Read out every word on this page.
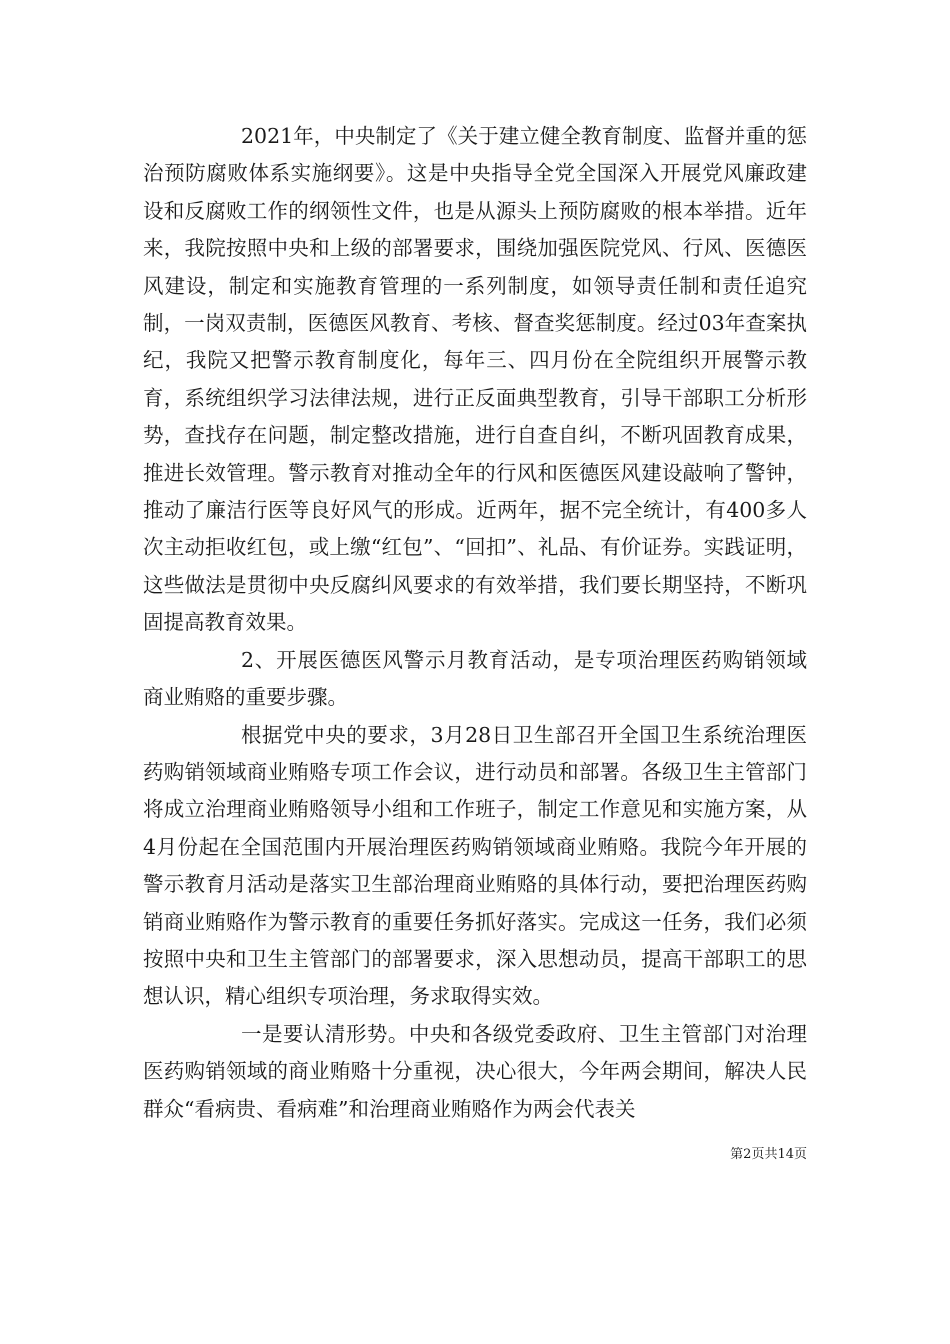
2021年，中央制定了《关于建立健全教育制度、监督并重的惩治预防腐败体系实施纲要》。这是中央指导全党全国深入开展党风廉政建设和反腐败工作的纲领性文件，也是从源头上预防腐败的根本举措。近年来，我院按照中央和上级的部署要求，围绕加强医院党风、行风、医德医风建设，制定和实施教育管理的一系列制度，如领导责任制和责任追究制，一岗双责制，医德医风教育、考核、督查奖惩制度。经过03年查案执纪，我院又把警示教育制度化，每年三、四月份在全院组织开展警示教育，系统组织学习法律法规，进行正反面典型教育，引导干部职工分析形势，查找存在问题，制定整改措施，进行自查自纠，不断巩固教育成果，推进长效管理。警示教育对推动全年的行风和医德医风建设敲响了警钟，推动了廉洁行医等良好风气的形成。近两年，据不完全统计，有400多人次主动拒收红包，或上缴“红包”、“回扣”、礼品、有价证券。实践证明，这些做法是贯彻中央反腐纠风要求的有效举措，我们要长期坚持，不断巩固提高教育效果。

2、开展医德医风警示月教育活动，是专项治理医药购销领域商业贿赂的重要步骤。

根据党中央的要求，3月28日卫生部召开全国卫生系统治理医药购销领域商业贿赂专项工作会议，进行动员和部署。各级卫生主管部门将成立治理商业贿赂领导小组和工作班子，制定工作意见和实施方案，从4月份起在全国范围内开展治理医药购销领域商业贿赂。我院今年开展的警示教育月活动是落实卫生部治理商业贿赂的具体行动，要把治理医药购销商业贿赂作为警示教育的重要任务抓好落实。完成这一任务，我们必须按照中央和卫生主管部门的部署要求，深入思想动员，提高干部职工的思想认识，精心组织专项治理，务求取得实效。

一是要认清形势。中央和各级党委政府、卫生主管部门对治理医药购销领域的商业贿赂十分重视，决心很大，今年两会期间，解决人民群众“看病贵、看病难”和治理商业贿赂作为两会代表关

第2页共14页
